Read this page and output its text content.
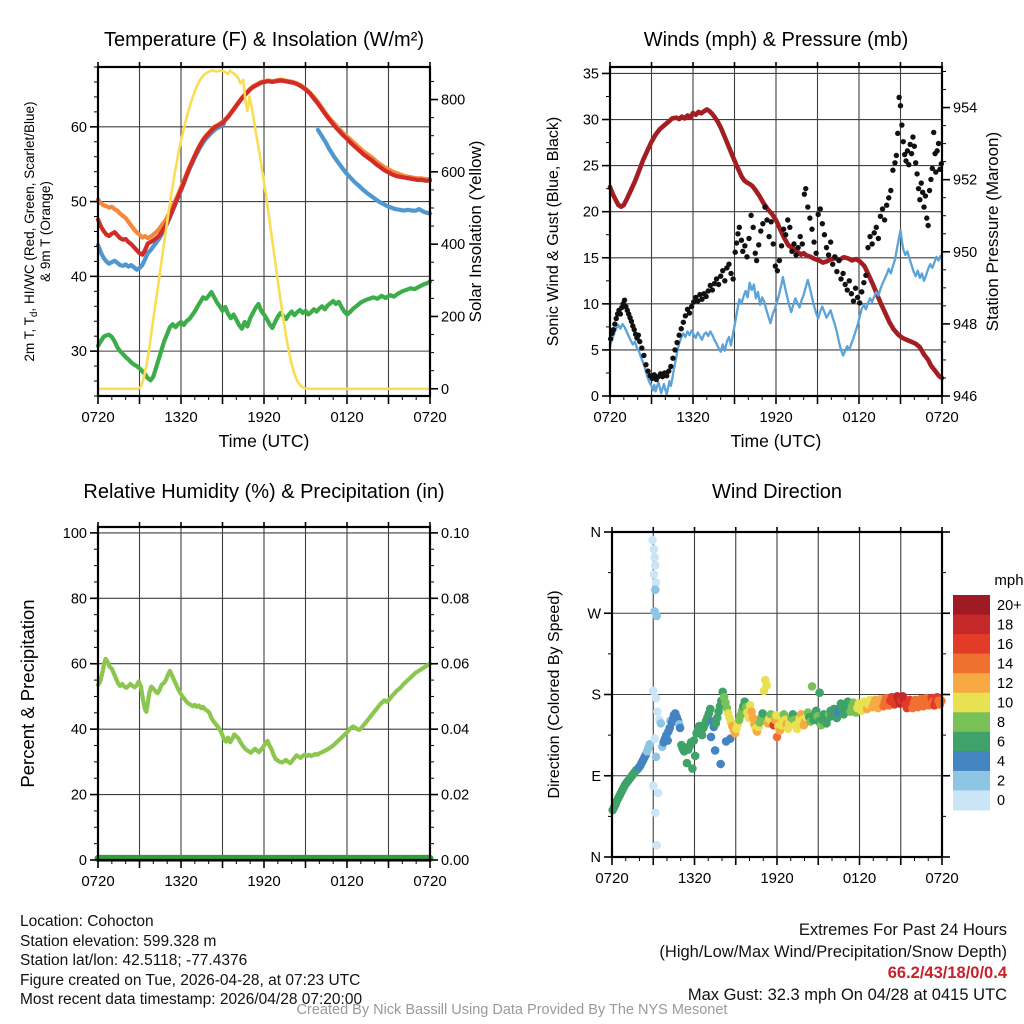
0720	1320	1920	0120	0720
30
40
50
60
0
200
400
600
800
Temperature (F) & Insolation (W/m²)
Time (UTC)
2m T, $T_d$, HI/WC (Red, Green, Scarlet/Blue) & 9m T (Orange)	Solar Insolation (Yellow)
0720	1320	1920	0120	0720
0
5
10
15
20
25
30
35
946
948
950
952
954
Winds (mph) & Pressure (mb)
Time (UTC)
Sonic Wind & Gust (Blue, Black)	Station Pressure (Maroon)
0720	1320	1920	0120	0720
0
20
40
60
80
100
0.00
0.02
0.04
0.06
0.08
0.10
Relative Humidity (%) & Precipitation (in)
Percent & Precipitation
0720	1320	1920	0120	0720
N
W
S
E
N
Wind Direction
Direction (Colored By Speed)	20+
18
16
14
12
10
8
6
4
2
0
mph
Location: Cohocton
Station elevation: 599.328 m
Station lat/lon: 42.5118; -77.4376
Figure created on Tue, 2026-04-28, at 07:23 UTC
Most recent data timestamp: 2026/04/28 07:20:00
Extremes For Past 24 Hours
(High/Low/Max Wind/Precipitation/Snow Depth)
66.2/43/18/0/0.4
Max Gust: 32.3 mph On 04/28 at 0415 UTC
Created By Nick Bassill Using Data Provided By The NYS Mesonet
